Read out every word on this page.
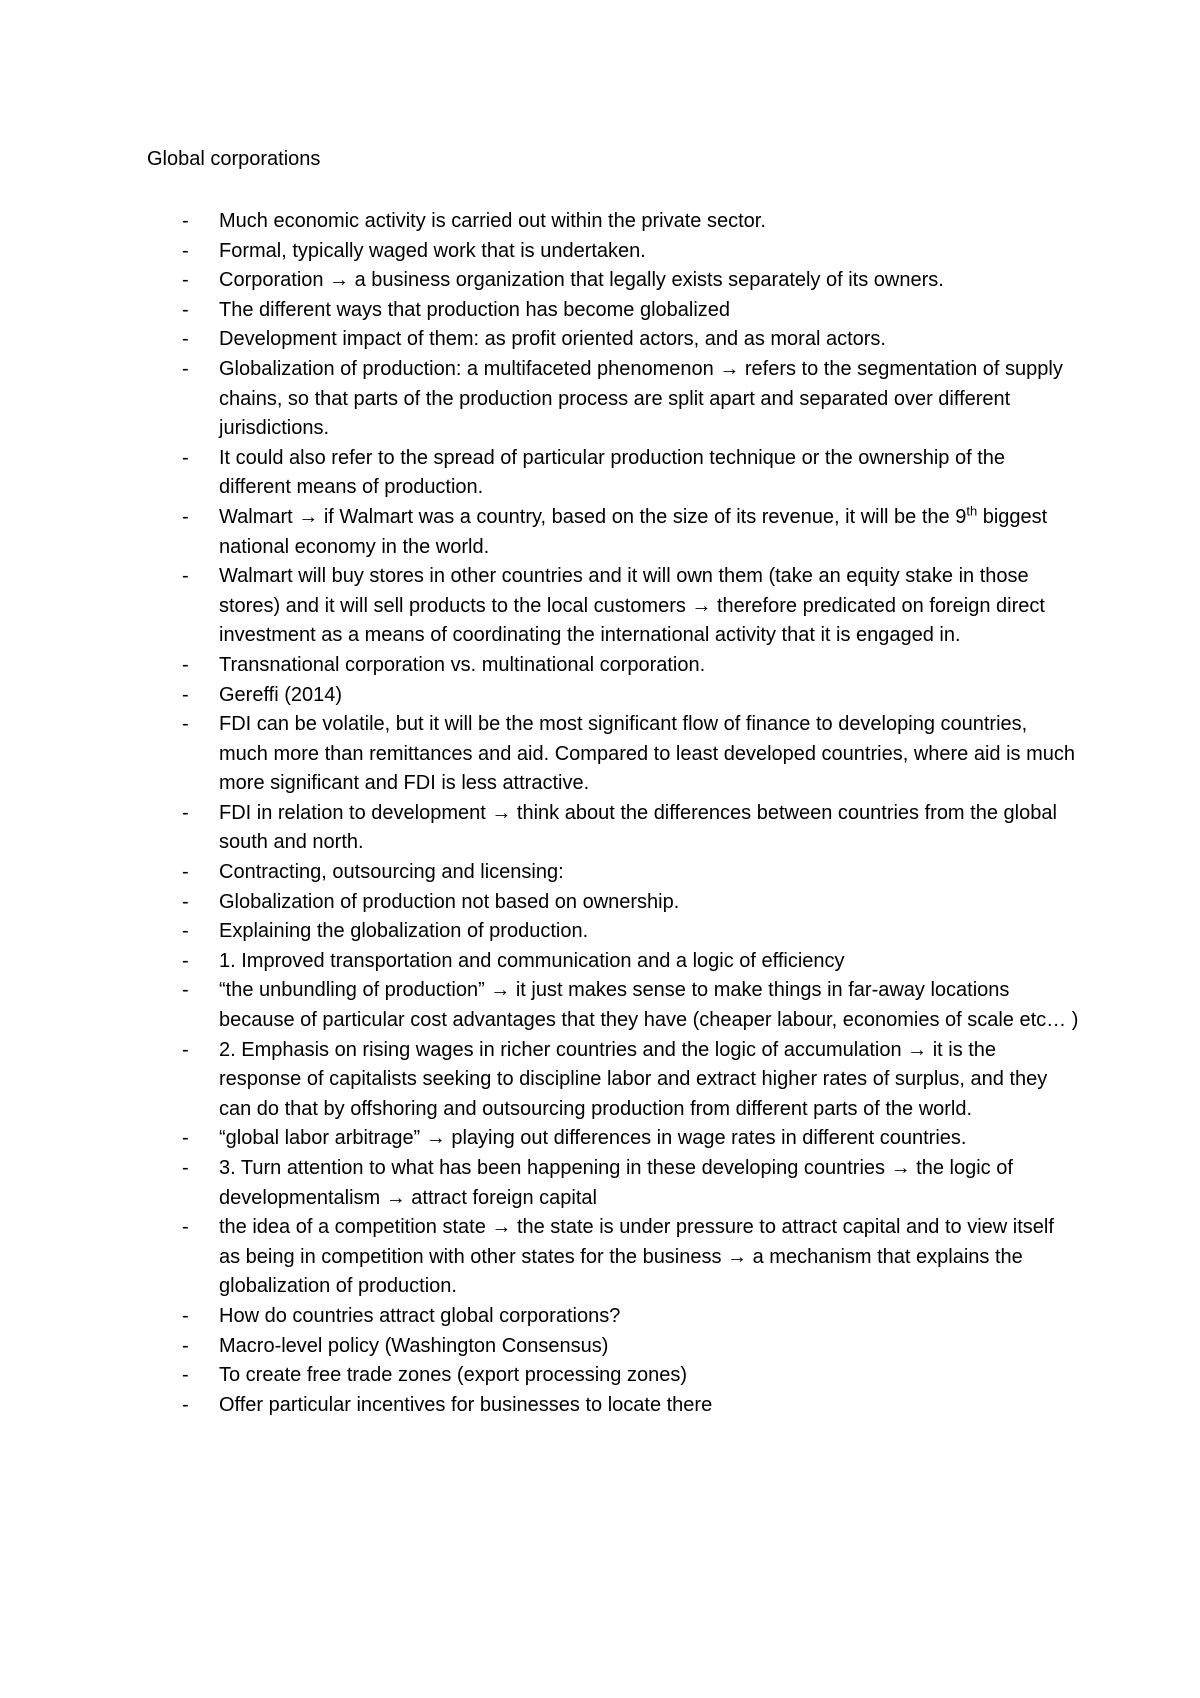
Global corporations
- Much economic activity is carried out within the private sector.
- Formal, typically waged work that is undertaken.
- Corporation → a business organization that legally exists separately of its owners.
- The different ways that production has become globalized
- Development impact of them: as profit oriented actors, and as moral actors.
- Globalization of production: a multifaceted phenomenon → refers to the segmentation of supply chains, so that parts of the production process are split apart and separated over different jurisdictions.
- It could also refer to the spread of particular production technique or the ownership of the different means of production.
- Walmart → if Walmart was a country, based on the size of its revenue, it will be the 9th biggest national economy in the world.
- Walmart will buy stores in other countries and it will own them (take an equity stake in those stores) and it will sell products to the local customers → therefore predicated on foreign direct investment as a means of coordinating the international activity that it is engaged in.
- Transnational corporation vs. multinational corporation.
- Gereffi (2014)
- FDI can be volatile, but it will be the most significant flow of finance to developing countries, much more than remittances and aid. Compared to least developed countries, where aid is much more significant and FDI is less attractive.
- FDI in relation to development → think about the differences between countries from the global south and north.
- Contracting, outsourcing and licensing:
- Globalization of production not based on ownership.
- Explaining the globalization of production.
- 1. Improved transportation and communication and a logic of efficiency
- “the unbundling of production” → it just makes sense to make things in far-away locations because of particular cost advantages that they have (cheaper labour, economies of scale etc… )
- 2. Emphasis on rising wages in richer countries and the logic of accumulation → it is the response of capitalists seeking to discipline labor and extract higher rates of surplus, and they can do that by offshoring and outsourcing production from different parts of the world.
- “global labor arbitrage” → playing out differences in wage rates in different countries.
- 3. Turn attention to what has been happening in these developing countries → the logic of developmentalism → attract foreign capital
- the idea of a competition state → the state is under pressure to attract capital and to view itself as being in competition with other states for the business → a mechanism that explains the globalization of production.
- How do countries attract global corporations?
- Macro-level policy (Washington Consensus)
- To create free trade zones (export processing zones)
- Offer particular incentives for businesses to locate there
